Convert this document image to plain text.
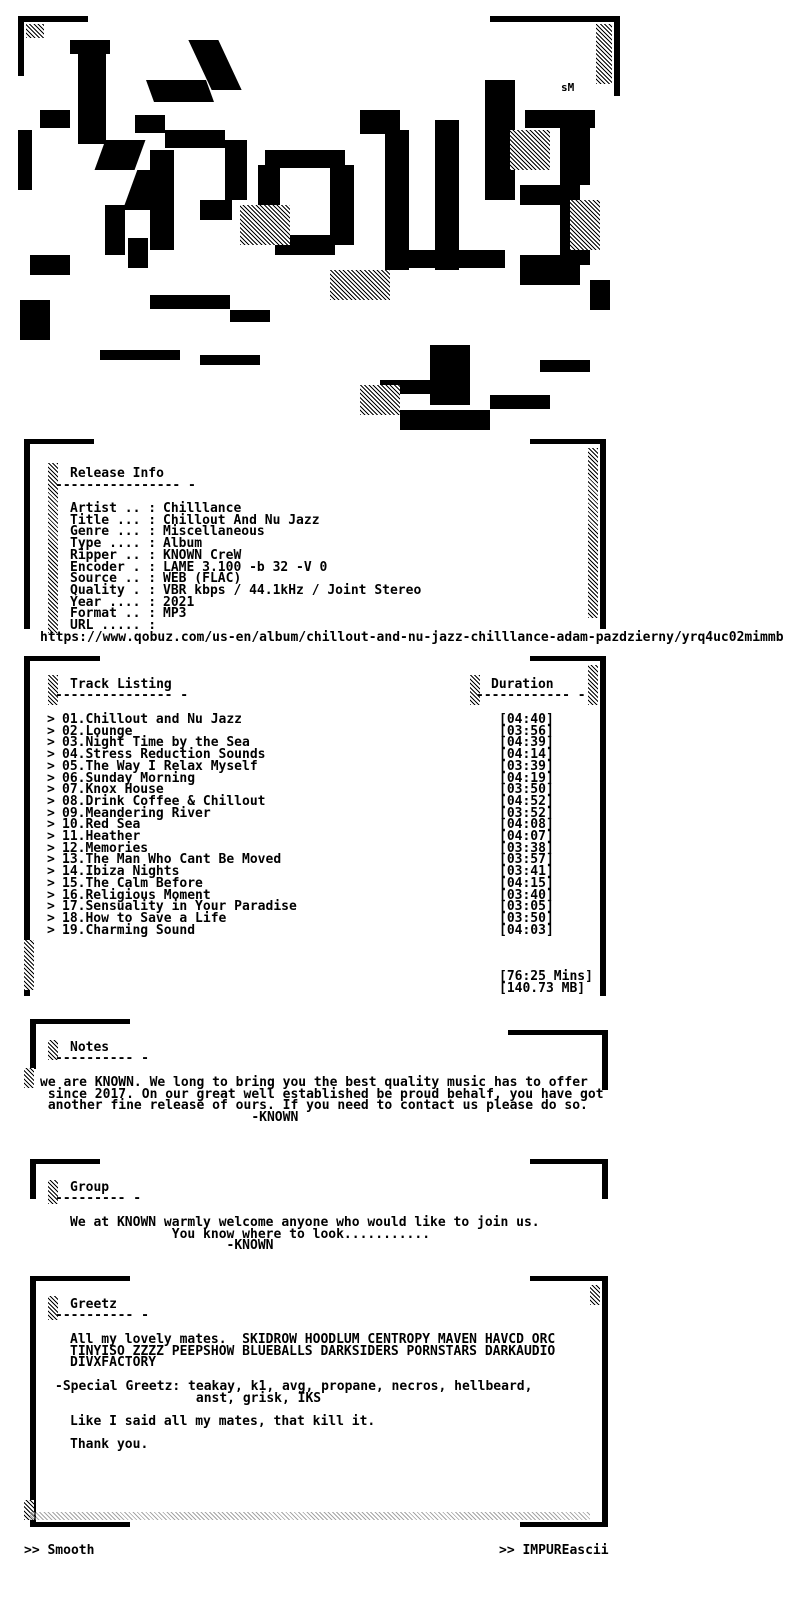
sM
Release Info
---------------- -
Artist .. : Chilllance
Title ... : Chillout And Nu Jazz
Genre ... : Miscellaneous
Type .... : Album
Ripper .. : KNOWN CreW
Encoder . : LAME 3.100 -b 32 -V 0
Source .. : WEB (FLAC)
Quality . : VBR kbps / 44.1kHz / Joint Stereo
Year .... : 2021
Format .. : MP3
URL ..... :
https://www.qobuz.com/us-en/album/chillout-and-nu-jazz-chilllance-adam-pazdzierny/yrq4uc02mimmb
Track Listing
--------------- -
Duration
------------ -
> 01.Chillout and Nu Jazz	[04:40]
> 02.Lounge	[03:56]
> 03.Night Time by the Sea	[04:39]
> 04.Stress Reduction Sounds	[04:14]
> 05.The Way I Relax Myself	[03:39]
> 06.Sunday Morning	[04:19]
> 07.Knox House	[03:50]
> 08.Drink Coffee & Chillout	[04:52]
> 09.Meandering River	[03:52]
> 10.Red Sea	[04:08]
> 11.Heather	[04:07]
> 12.Memories	[03:38]
> 13.The Man Who Cant Be Moved	[03:57]
> 14.Ibiza Nights	[03:41]
> 15.The Calm Before	[04:15]
> 16.Religious Moment	[03:40]
> 17.Sensuality in Your Paradise	[03:05]
> 18.How to Save a Life	[03:50]
> 19.Charming Sound	[04:03]
[76:25 Mins]
[140.73 MB]
Notes
---------- -
we are KNOWN. We long to bring you the best quality music has to offer
since 2017. On our great well established be proud behalf, you have got
another fine release of ours. If you need to contact us please do so.
-KNOWN
Group
--------- -
We at KNOWN warmly welcome anyone who would like to join us.
You know where to look...........
-KNOWN
Greetz
---------- -
All my lovely mates.  SKIDROW HOODLUM CENTROPY MAVEN HAVCD ORC
TINYISO ZZZZ PEEPSHOW BLUEBALLS DARKSIDERS PORNSTARS DARKAUDIO
DIVXFACTORY
-Special Greetz: teakay, k1, avg, propane, necros, hellbeard,
anst, grisk, IKS
Like I said all my mates, that kill it.
Thank you.
>> Smooth	>> IMPUREascii
